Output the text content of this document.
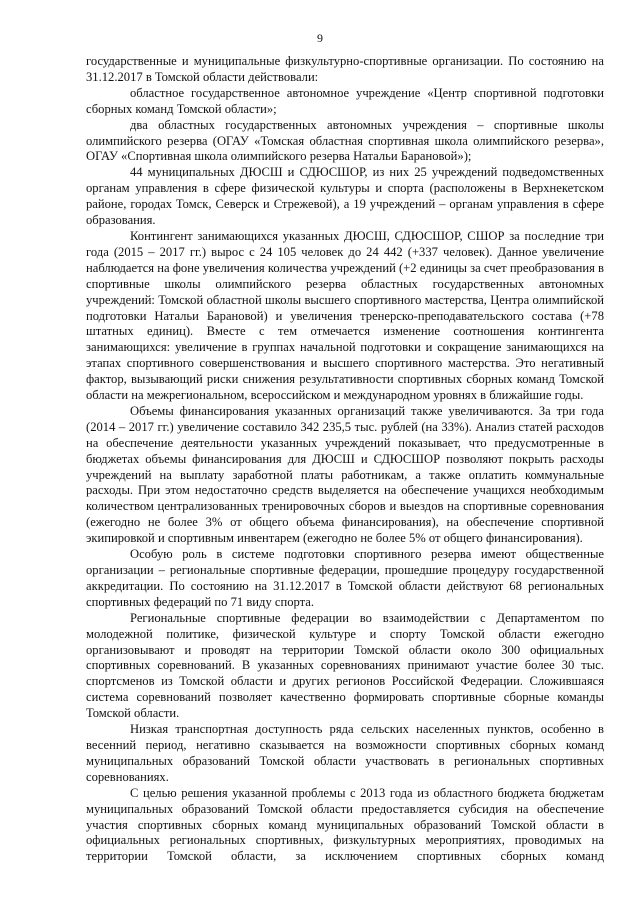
9

государственные и муниципальные физкультурно-спортивные организации. По состоянию на 31.12.2017 в Томской области действовали:

областное государственное автономное учреждение «Центр спортивной подготовки сборных команд Томской области»;

два областных государственных автономных учреждения – спортивные школы олимпийского резерва (ОГАУ «Томская областная спортивная школа олимпийского резерва», ОГАУ «Спортивная школа олимпийского резерва Натальи Барановой»);

44 муниципальных ДЮСШ и СДЮСШОР, из них 25 учреждений подведомственных органам управления в сфере физической культуры и спорта (расположены в Верхнекетском районе, городах Томск, Северск и Стрежевой), а 19 учреждений – органам управления в сфере образования.

Контингент занимающихся указанных ДЮСШ, СДЮСШОР, СШОР за последние три года (2015 – 2017 гг.) вырос с 24 105 человек до 24 442 (+337 человек). Данное увеличение наблюдается на фоне увеличения количества учреждений (+2 единицы за счет преобразования в спортивные школы олимпийского резерва областных государственных автономных учреждений: Томской областной школы высшего спортивного мастерства, Центра олимпийской подготовки Натальи Барановой) и увеличения тренерско-преподавательского состава (+78 штатных единиц). Вместе с тем отмечается изменение соотношения контингента занимающихся: увеличение в группах начальной подготовки и сокращение занимающихся на этапах спортивного совершенствования и высшего спортивного мастерства. Это негативный фактор, вызывающий риски снижения результативности спортивных сборных команд Томской области на межрегиональном, всероссийском и международном уровнях в ближайшие годы.

Объемы финансирования указанных организаций также увеличиваются. За три года (2014 – 2017 гг.) увеличение составило 342 235,5 тыс. рублей (на 33%). Анализ статей расходов на обеспечение деятельности указанных учреждений показывает, что предусмотренные в бюджетах объемы финансирования для ДЮСШ и СДЮСШОР позволяют покрыть расходы учреждений на выплату заработной платы работникам, а также оплатить коммунальные расходы. При этом недостаточно средств выделяется на обеспечение учащихся необходимым количеством централизованных тренировочных сборов и выездов на спортивные соревнования (ежегодно не более 3% от общего объема финансирования), на обеспечение спортивной экипировкой и спортивным инвентарем (ежегодно не более 5% от общего финансирования).

Особую роль в системе подготовки спортивного резерва имеют общественные организации – региональные спортивные федерации, прошедшие процедуру государственной аккредитации. По состоянию на 31.12.2017 в Томской области действуют 68 региональных спортивных федераций по 71 виду спорта.

Региональные спортивные федерации во взаимодействии с Департаментом по молодежной политике, физической культуре и спорту Томской области ежегодно организовывают и проводят на территории Томской области около 300 официальных спортивных соревнований. В указанных соревнованиях принимают участие более 30 тыс. спортсменов из Томской области и других регионов Российской Федерации. Сложившаяся система соревнований позволяет качественно формировать спортивные сборные команды Томской области.

Низкая транспортная доступность ряда сельских населенных пунктов, особенно в весенний период, негативно сказывается на возможности спортивных сборных команд муниципальных образований Томской области участвовать в региональных спортивных соревнованиях.

С целью решения указанной проблемы с 2013 года из областного бюджета бюджетам муниципальных образований Томской области предоставляется субсидия на обеспечение участия спортивных сборных команд муниципальных образований Томской области в официальных региональных спортивных, физкультурных мероприятиях, проводимых на территории Томской области, за исключением спортивных сборных команд
